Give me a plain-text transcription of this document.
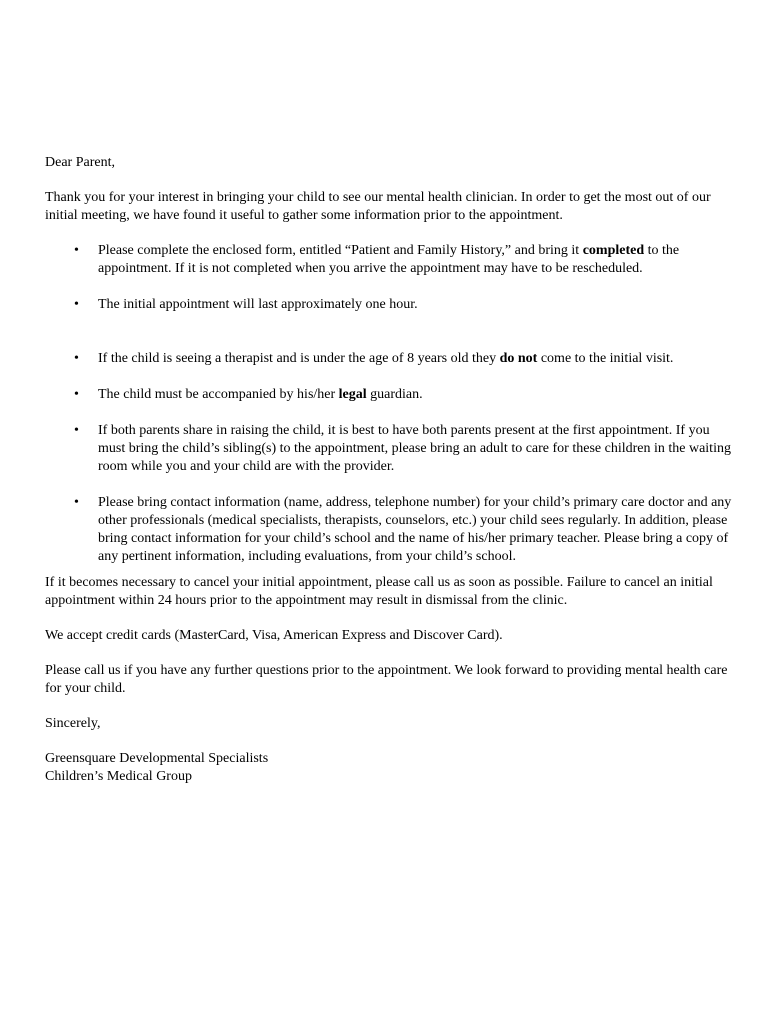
Dear Parent,

Thank you for your interest in bringing your child to see our mental health clinician. In order to get the most out of our initial meeting, we have found it useful to gather some information prior to the appointment.

• Please complete the enclosed form, entitled “Patient and Family History,” and bring it completed to the appointment. If it is not completed when you arrive the appointment may have to be rescheduled.
• The initial appointment will last approximately one hour.
• If the child is seeing a therapist and is under the age of 8 years old they do not come to the initial visit.
• The child must be accompanied by his/her legal guardian.
• If both parents share in raising the child, it is best to have both parents present at the first appointment. If you must bring the child’s sibling(s) to the appointment, please bring an adult to care for these children in the waiting room while you and your child are with the provider.
• Please bring contact information (name, address, telephone number) for your child’s primary care doctor and any other professionals (medical specialists, therapists, counselors, etc.) your child sees regularly. In addition, please bring contact information for your child’s school and the name of his/her primary teacher. Please bring a copy of any pertinent information, including evaluations, from your child’s school.

If it becomes necessary to cancel your initial appointment, please call us as soon as possible. Failure to cancel an initial appointment within 24 hours prior to the appointment may result in dismissal from the clinic.

We accept credit cards (MasterCard, Visa, American Express and Discover Card).

Please call us if you have any further questions prior to the appointment. We look forward to providing mental health care for your child.

Sincerely,

Greensquare Developmental Specialists

Children’s Medical Group
